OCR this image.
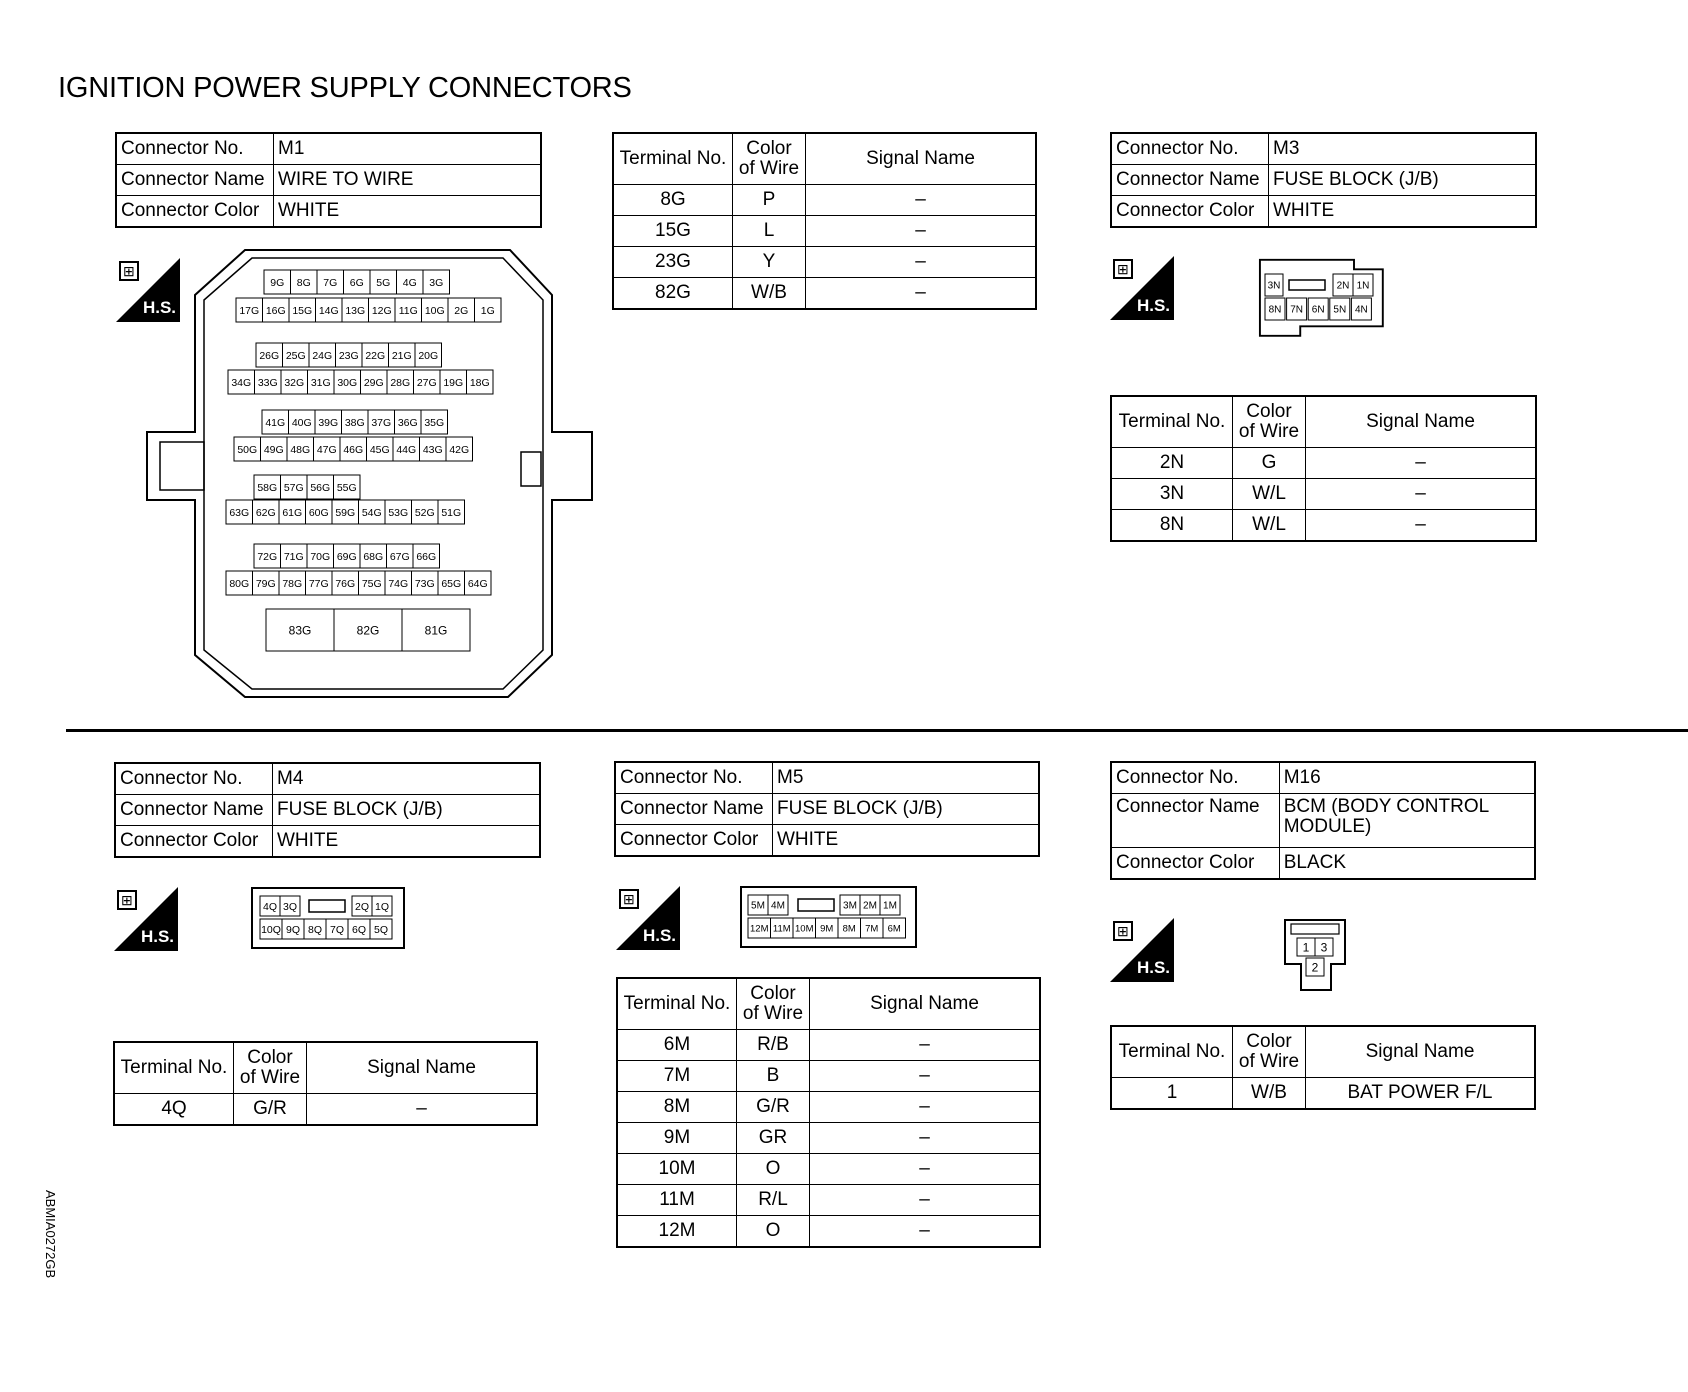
IGNITION POWER SUPPLY CONNECTORS
ABMIA0272GB
Connector No.	M1
Connector Name	WIRE TO WIRE
Connector Color	WHITE
Terminal No.	Color of Wire	Signal Name
8G	P	–
15G	L	–
23G	Y	–
82G	W/B	–
Connector No.	M3
Connector Name	FUSE BLOCK (J/B)
Connector Color	WHITE
Terminal No.	Color of Wire	Signal Name
2N	G	–
3N	W/L	–
8N	W/L	–
Connector No.	M4
Connector Name	FUSE BLOCK (J/B)
Connector Color	WHITE
Terminal No.	Color of Wire	Signal Name
4Q	G/R	–
Connector No.	M5
Connector Name	FUSE BLOCK (J/B)
Connector Color	WHITE
Terminal No.	Color of Wire	Signal Name
6M	R/B	–
7M	B	–
8M	G/R	–
9M	GR	–
10M	O	–
11M	R/L	–
12M	O	–
Connector No.	M16
Connector Name	BCM (BODY CONTROL MODULE)
Connector Color	BLACK
Terminal No.	Color of Wire	Signal Name
1	W/B	BAT POWER F/L
⊞
H.S.
⊞
H.S.
⊞
H.S.
⊞
H.S.	⊞
H.S.
9G 8G 7G 6G 5G 4G 3G
17G 16G 15G 14G 13G 12G 11G 10G 2G 1G
26G 25G 24G 23G 22G 21G 20G
34G 33G 32G 31G 30G 29G 28G 27G 19G 18G
41G 40G 39G 38G 37G 36G 35G
50G 49G 48G 47G 46G 45G 44G 43G 42G
58G 57G 56G 55G
63G 62G 61G 60G 59G 54G 53G 52G 51G
72G 71G 70G 69G 68G 67G 66G
80G 79G 78G 77G 76G 75G 74G 73G 65G 64G
83G	82G	81G
3N	2N 1N
8N 7N 6N 5N 4N
4Q 3Q	2Q 1Q
10Q 9Q 8Q 7Q 6Q 5Q
5M 4M	3M 2M 1M
12M 11M 10M 9M 8M 7M 6M
1 3
2
